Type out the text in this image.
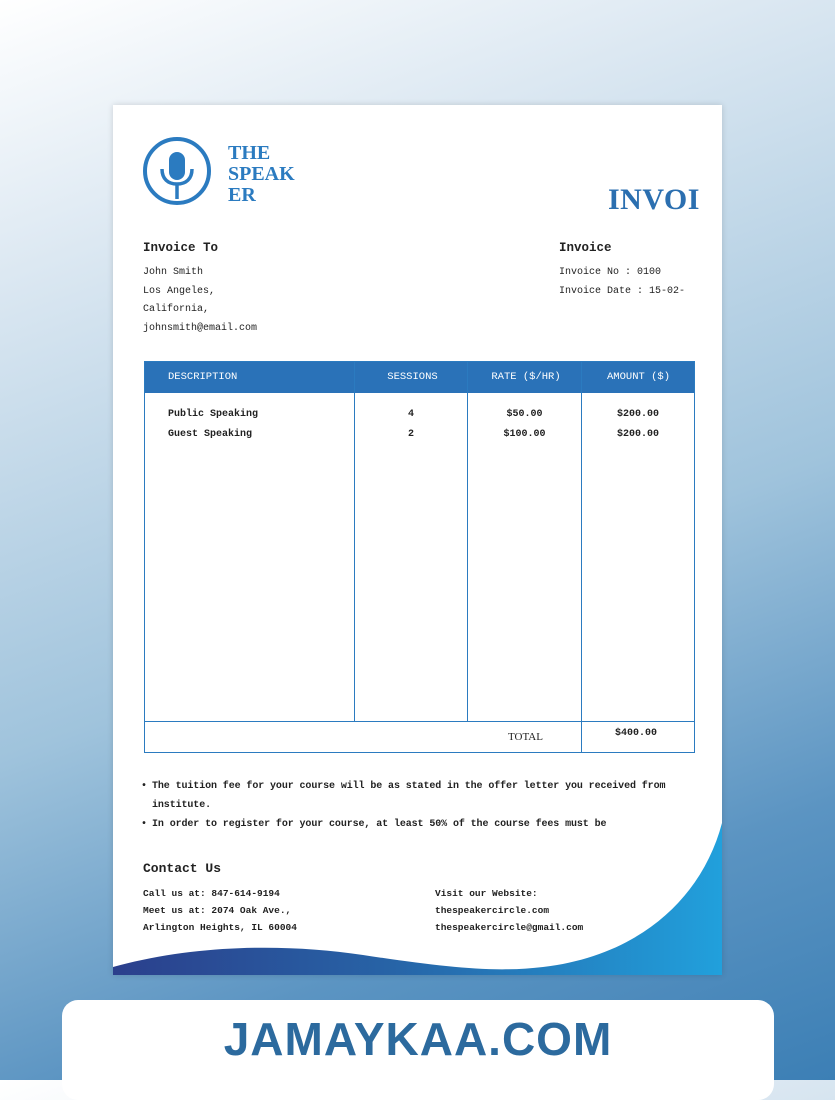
THE
SPEAK
ER	INVOI
Invoice To
John Smith
Los Angeles,
California,
johnsmith@email.com
Invoice
Invoice No : 0100
Invoice Date : 15-02-
DESCRIPTION	SESSIONS	RATE ($/HR)	AMOUNT ($)
Public Speaking	4	$50.00	$200.00
Guest Speaking	2	$100.00	$200.00
TOTAL	$400.00
• The tuition fee for your course will be as stated in the offer letter you received from institute.
• In order to register for your course, at least 50% of the course fees must be
Contact Us
Call us at: 847-614-9194
Meet us at: 2074 Oak Ave.,
Arlington Heights, IL 60004
Visit our Website:
thespeakercircle.com
thespeakercircle@gmail.com
JAMAYKAA.COM
